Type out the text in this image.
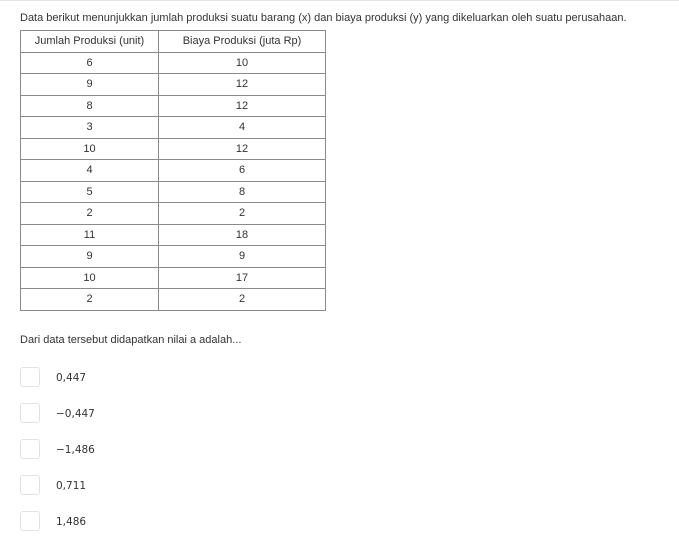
Data berikut menunjukkan jumlah produksi suatu barang (x) dan biaya produksi (y) yang dikeluarkan oleh suatu perusahaan.
Jumlah Produksi (unit)	Biaya Produksi (juta Rp)
6	10
9	12
8	12
3	4
10	12
4	6
5	8
2	2
11	18
9	9
10	17
2	2
Dari data tersebut didapatkan nilai a adalah...
0,447
−0,447
−1,486
0,711
1,486
